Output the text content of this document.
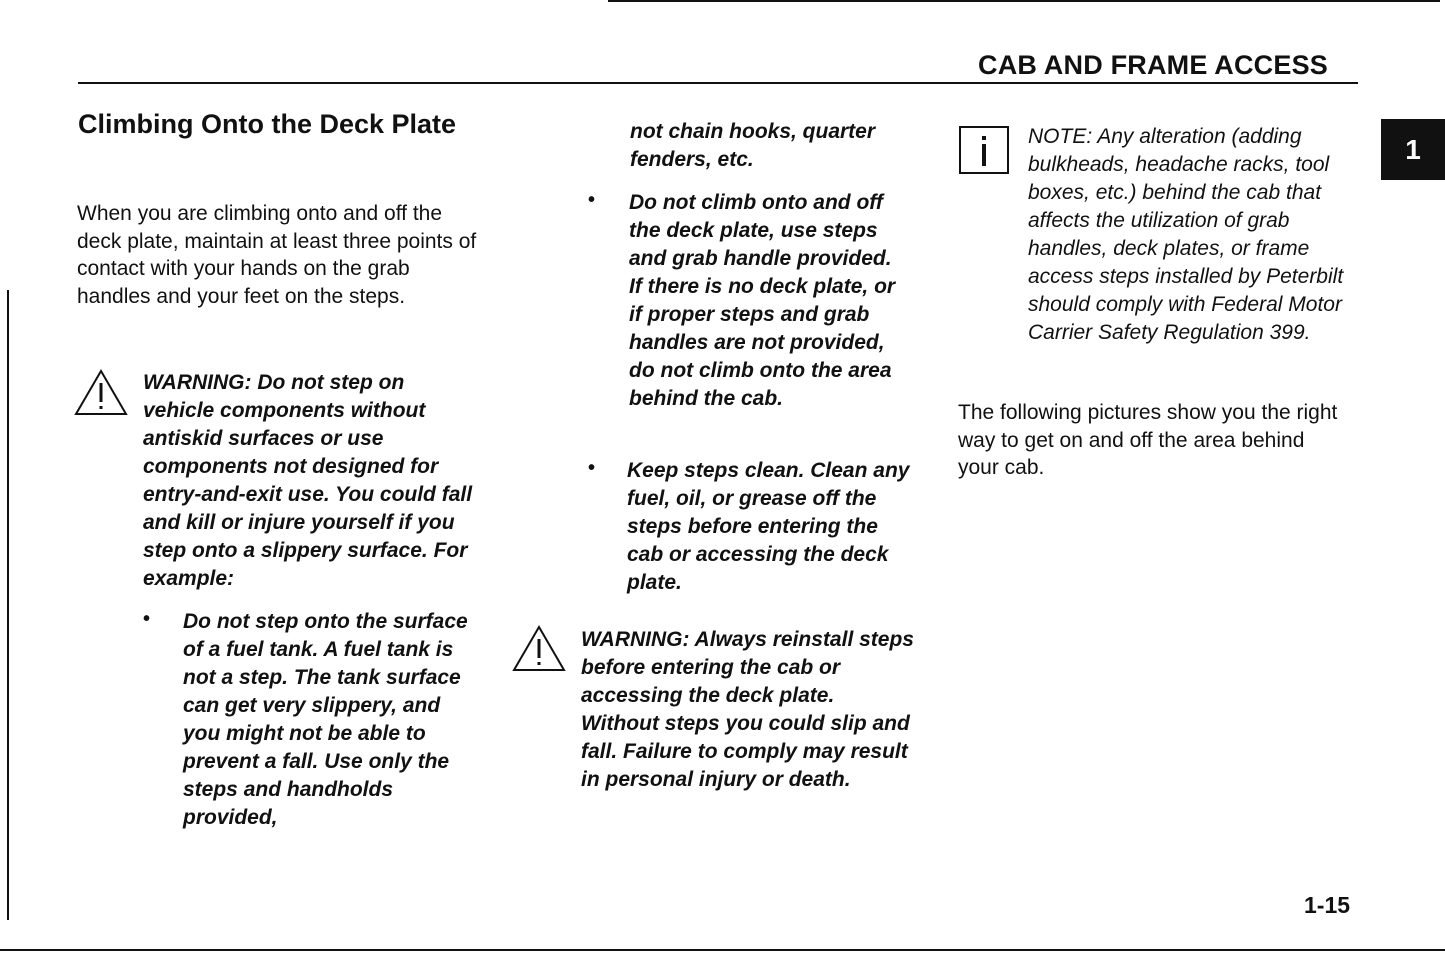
CAB AND FRAME ACCESS
1
Climbing Onto the Deck Plate
When you are climbing onto and off the deck plate, maintain at least three points of contact with your hands on the grab handles and your feet on the steps.
WARNING: Do not step on vehicle components without antiskid surfaces or use components not designed for entry-and-exit use. You could fall and kill or injure yourself if you step onto a slippery surface. For example:
• Do not step onto the surface of a fuel tank. A fuel tank is not a step. The tank surface can get very slippery, and you might not be able to prevent a fall. Use only the steps and handholds provided,
not chain hooks, quarter fenders, etc.
• Do not climb onto and off the deck plate, use steps and grab handle provided. If there is no deck plate, or if proper steps and grab handles are not provided, do not climb onto the area behind the cab.
• Keep steps clean. Clean any fuel, oil, or grease off the steps before entering the cab or accessing the deck plate.
WARNING: Always reinstall steps before entering the cab or accessing the deck plate. Without steps you could slip and fall. Failure to comply may result in personal injury or death.
NOTE: Any alteration (adding bulkheads, headache racks, tool boxes, etc.) behind the cab that affects the utilization of grab handles, deck plates, or frame access steps installed by Peterbilt should comply with Federal Motor Carrier Safety Regulation 399.
The following pictures show you the right way to get on and off the area behind your cab.
1-15
